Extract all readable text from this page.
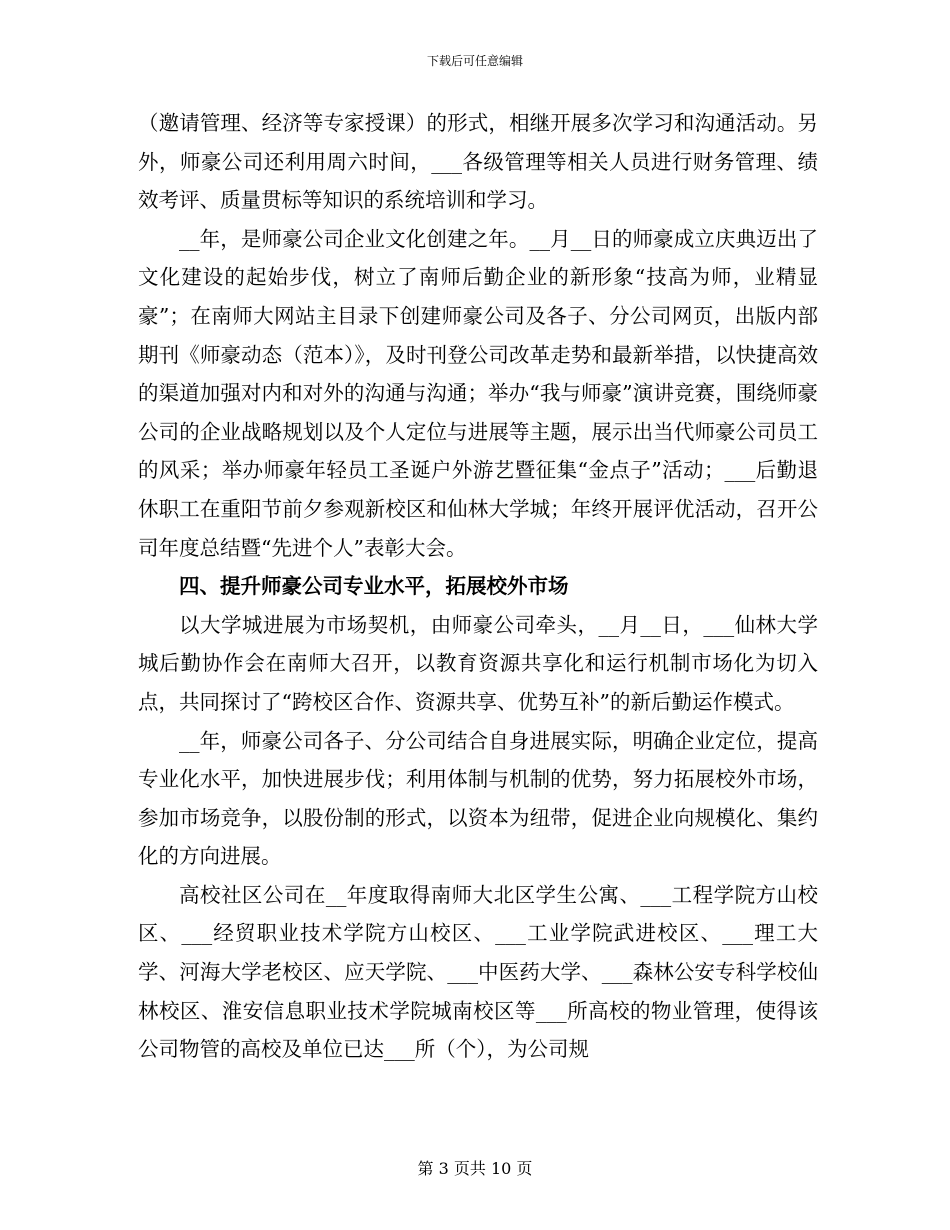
下载后可任意编辑

（邀请管理、经济等专家授课）的形式，相继开展多次学习和沟通活动。另外，师豪公司还利用周六时间，___各级管理等相关人员进行财务管理、绩效考评、质量贯标等知识的系统培训和学习。

__年，是师豪公司企业文化创建之年。__月__日的师豪成立庆典迈出了文化建设的起始步伐，树立了南师后勤企业的新形象“技高为师，业精显豪”；在南师大网站主目录下创建师豪公司及各子、分公司网页，出版内部期刊《师豪动态（范本）》，及时刊登公司改革走势和最新举措，以快捷高效的渠道加强对内和对外的沟通与沟通；举办“我与师豪”演讲竞赛，围绕师豪公司的企业战略规划以及个人定位与进展等主题，展示出当代师豪公司员工的风采；举办师豪年轻员工圣诞户外游艺暨征集“金点子”活动；___后勤退休职工在重阳节前夕参观新校区和仙林大学城；年终开展评优活动，召开公司年度总结暨“先进个人”表彰大会。

四、提升师豪公司专业水平，拓展校外市场

以大学城进展为市场契机，由师豪公司牵头，__月__日，___仙林大学城后勤协作会在南师大召开，以教育资源共享化和运行机制市场化为切入点，共同探讨了“跨校区合作、资源共享、优势互补”的新后勤运作模式。

__年，师豪公司各子、分公司结合自身进展实际，明确企业定位，提高专业化水平，加快进展步伐；利用体制与机制的优势，努力拓展校外市场，参加市场竞争，以股份制的形式，以资本为纽带，促进企业向规模化、集约化的方向进展。

高校社区公司在__年度取得南师大北区学生公寓、___工程学院方山校区、___经贸职业技术学院方山校区、___工业学院武进校区、___理工大学、河海大学老校区、应天学院、___中医药大学、___森林公安专科学校仙林校区、淮安信息职业技术学院城南校区等___所高校的物业管理，使得该公司物管的高校及单位已达___所（个），为公司规

第 3 页共 10 页
